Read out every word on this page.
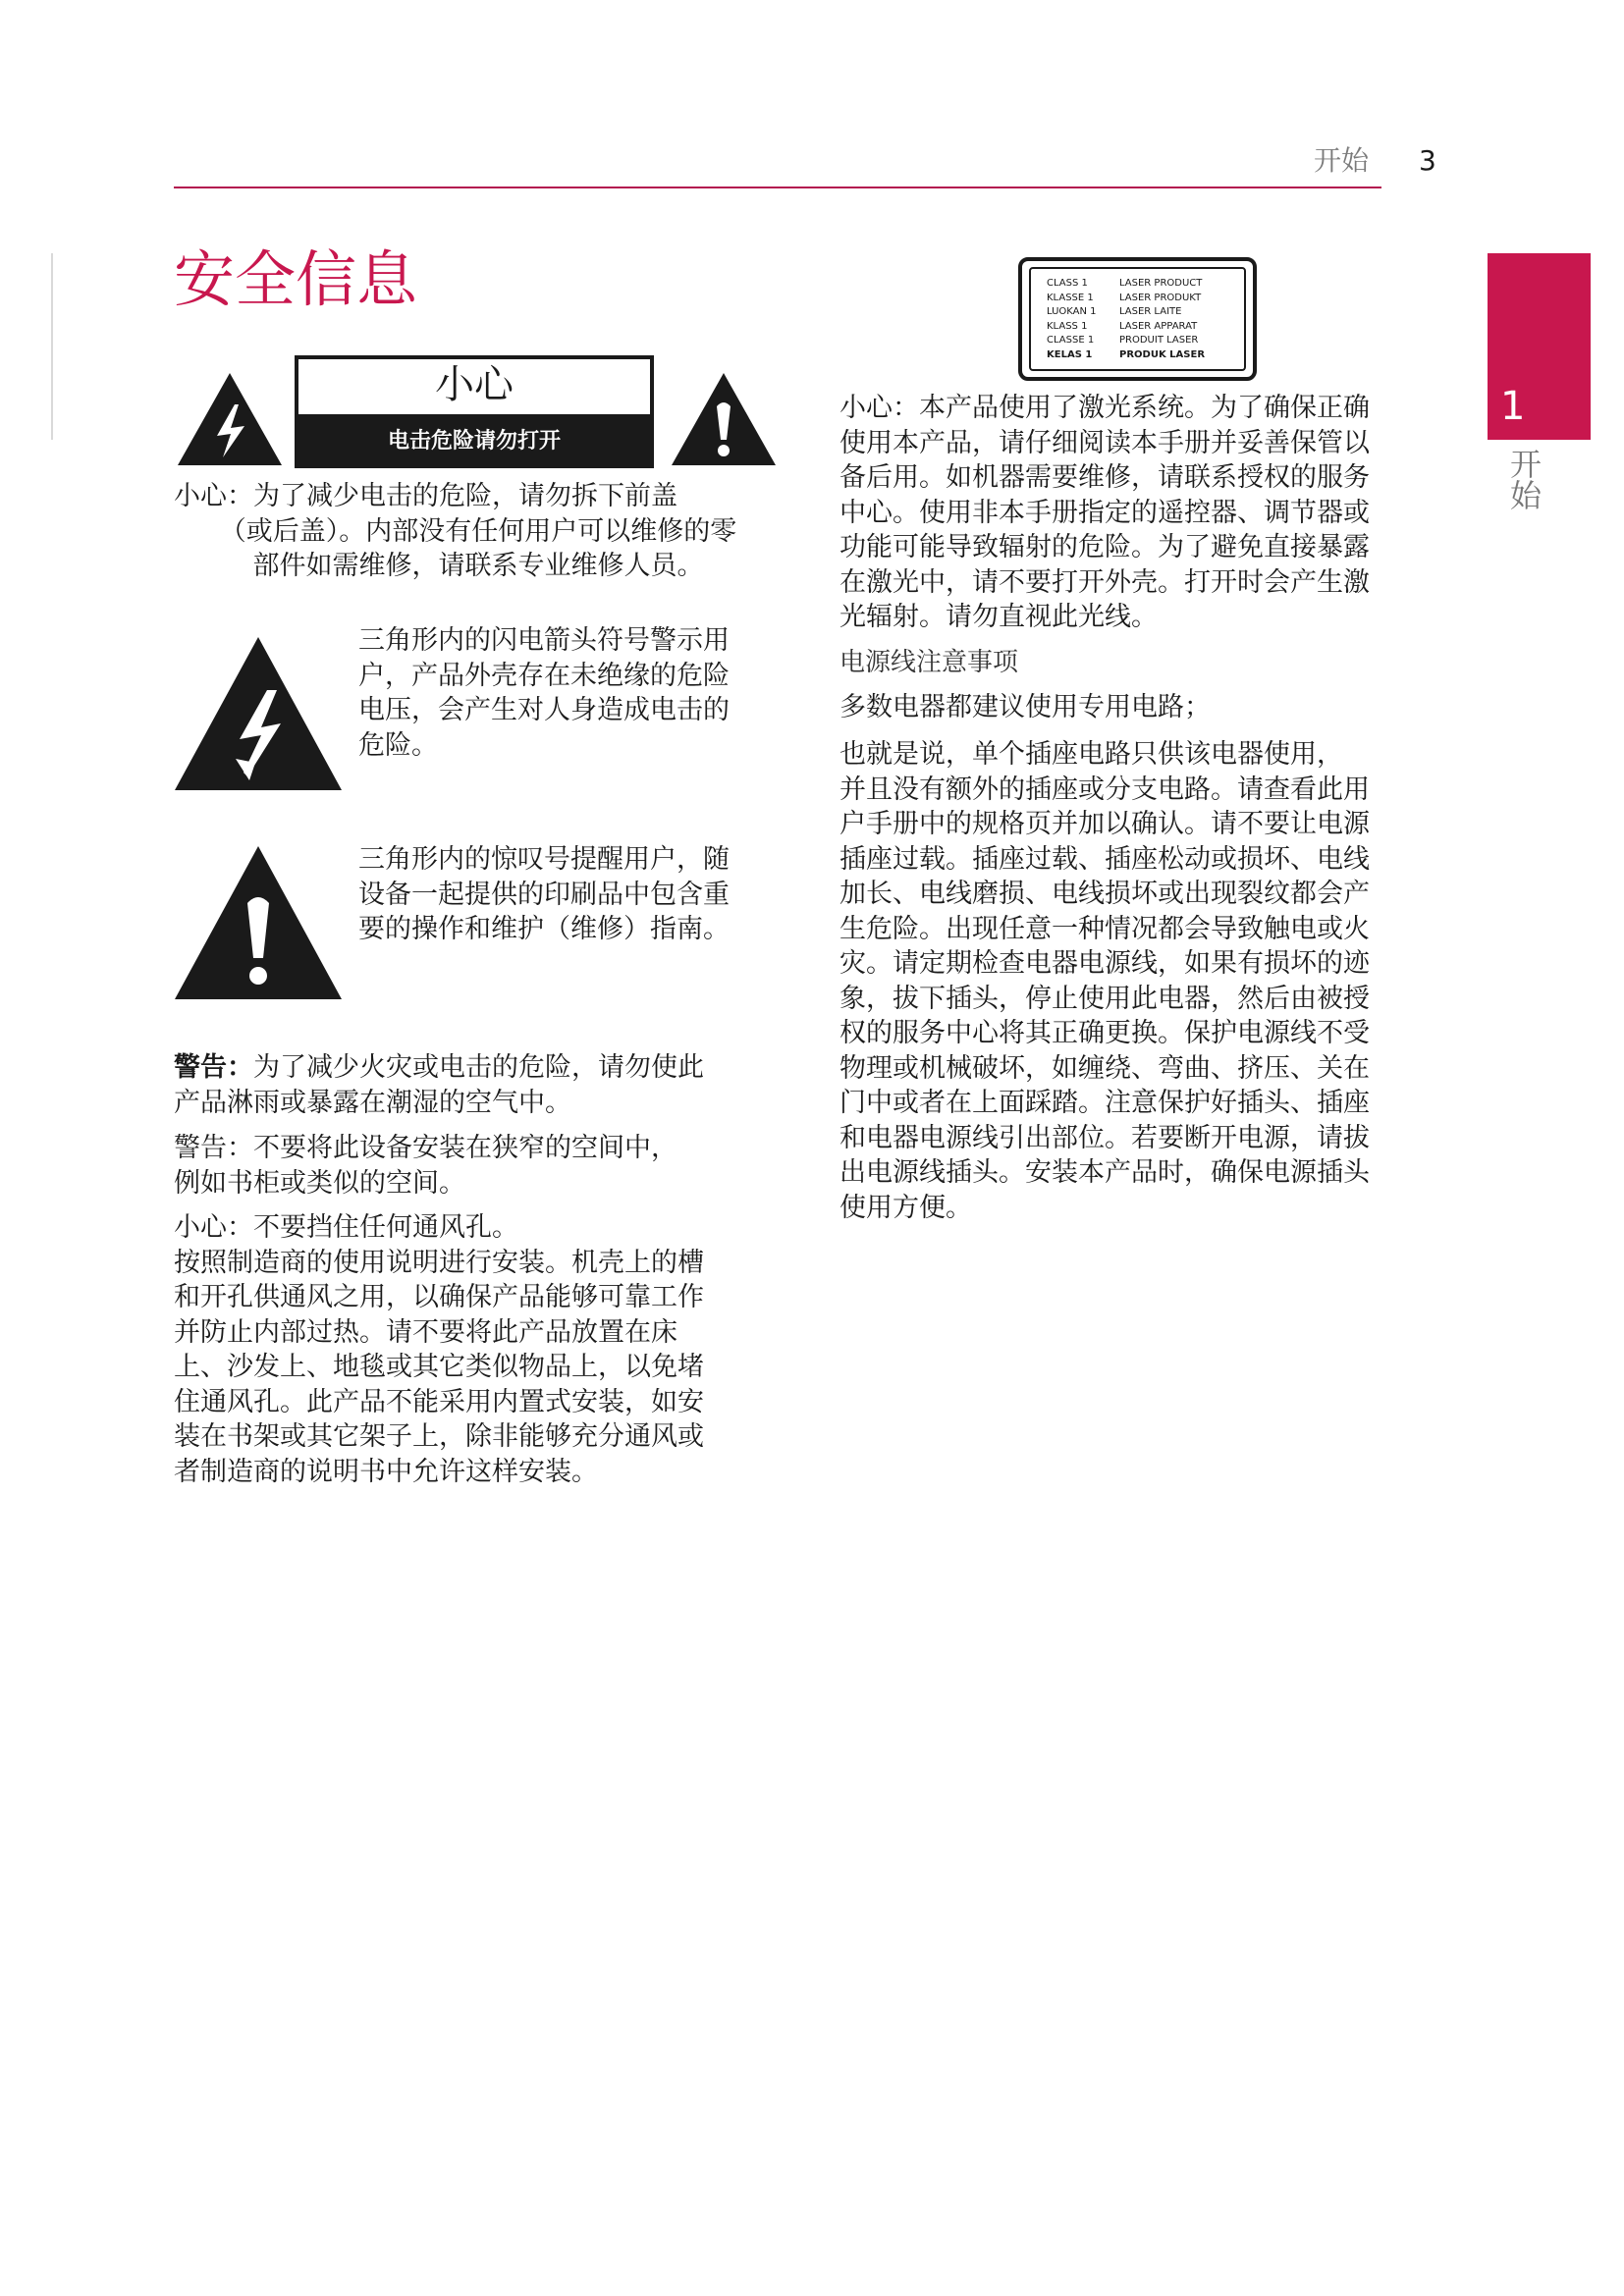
开始 3
1
开始
安全信息
小心
电击危险请勿打开
小心：为了减少电击的危险，请勿拆下前盖
（或后盖）。内部没有任何用户可以维修的零
部件如需维修，请联系专业维修人员。
三角形内的闪电箭头符号警示用
户，产品外壳存在未绝缘的危险
电压，会产生对人身造成电击的
危险。
三角形内的惊叹号提醒用户，随
设备一起提供的印刷品中包含重
要的操作和维护（维修）指南。
警告：为了减少火灾或电击的危险，请勿使此
产品淋雨或暴露在潮湿的空气中。
警告：不要将此设备安装在狭窄的空间中，
例如书柜或类似的空间。
小心：不要挡住任何通风孔。
按照制造商的使用说明进行安装。机壳上的槽
和开孔供通风之用，以确保产品能够可靠工作
并防止内部过热。请不要将此产品放置在床
上、沙发上、地毯或其它类似物品上，以免堵
住通风孔。此产品不能采用内置式安装，如安
装在书架或其它架子上，除非能够充分通风或
者制造商的说明书中允许这样安装。
CLASS 1	LASER PRODUCT
KLASSE 1	LASER PRODUKT
LUOKAN 1 LASER LAITE
KLASS 1	LASER APPARAT
CLASSE 1	PRODUIT LASER
KELAS 1	PRODUK LASER
小心：本产品使用了激光系统。为了确保正确
使用本产品，请仔细阅读本手册并妥善保管以
备后用。如机器需要维修，请联系授权的服务
中心。使用非本手册指定的遥控器、调节器或
功能可能导致辐射的危险。为了避免直接暴露
在激光中，请不要打开外壳。打开时会产生激
光辐射。请勿直视此光线。
电源线注意事项
多数电器都建议使用专用电路；
也就是说，单个插座电路只供该电器使用，
并且没有额外的插座或分支电路。请查看此用
户手册中的规格页并加以确认。请不要让电源
插座过载。插座过载、插座松动或损坏、电线
加长、电线磨损、电线损坏或出现裂纹都会产
生危险。出现任意一种情况都会导致触电或火
灾。请定期检查电器电源线，如果有损坏的迹
象，拔下插头，停止使用此电器，然后由被授
权的服务中心将其正确更换。保护电源线不受
物理或机械破坏，如缠绕、弯曲、挤压、关在
门中或者在上面踩踏。注意保护好插头、插座
和电器电源线引出部位。若要断开电源，请拔
出电源线插头。安装本产品时，确保电源插头
使用方便。
